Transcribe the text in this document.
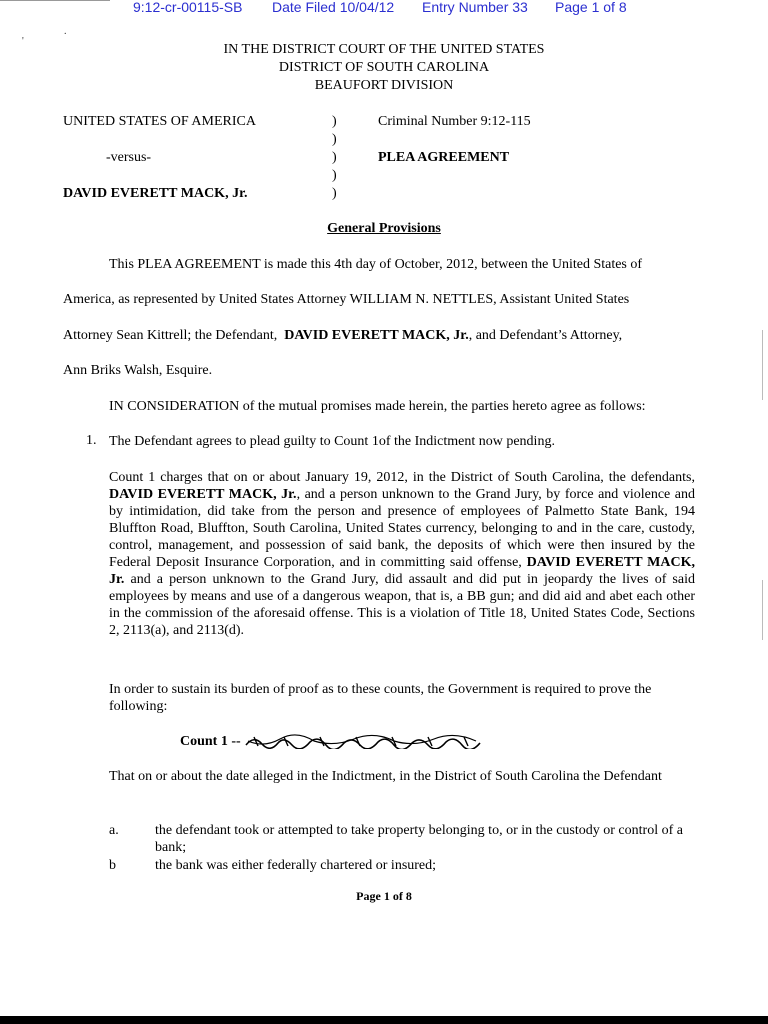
9:12-cr-00115-SB Date Filed 10/04/12 Entry Number 33 Page 1 of 8
'
.
IN THE DISTRICT COURT OF THE UNITED STATES
DISTRICT OF SOUTH CAROLINA
BEAUFORT DIVISION
UNITED STATES OF AMERICA
-versus-
DAVID EVERETT MACK, Jr.
)
)
)
)
)
Criminal Number 9:12-115
PLEA AGREEMENT
General Provisions
This PLEA AGREEMENT is made this 4th day of October, 2012, between the United States of
America, as represented by United States Attorney WILLIAM N. NETTLES, Assistant United States
Attorney Sean Kittrell; the Defendant, DAVID EVERETT MACK, Jr., and Defendant’s Attorney,
Ann Briks Walsh, Esquire.
IN CONSIDERATION of the mutual promises made herein, the parties hereto agree as follows:
1. The Defendant agrees to plead guilty to Count 1of the Indictment now pending.
Count 1 charges that on or about January 19, 2012, in the District of South Carolina, the defendants, DAVID EVERETT MACK, Jr., and a person unknown to the Grand Jury, by force and violence and by intimidation, did take from the person and presence of employees of Palmetto State Bank, 194 Bluffton Road, Bluffton, South Carolina, United States currency, belonging to and in the care, custody, control, management, and possession of said bank, the deposits of which were then insured by the Federal Deposit Insurance Corporation, and in committing said offense, DAVID EVERETT MACK, Jr. and a person unknown to the Grand Jury, did assault and did put in jeopardy the lives of said employees by means and use of a dangerous weapon, that is, a BB gun; and did aid and abet each other in the commission of the aforesaid offense. This is a violation of Title 18, United States Code, Sections 2, 2113(a), and 2113(d).
In order to sustain its burden of proof as to these counts, the Government is required to prove the following:
Count 1 --
That on or about the date alleged in the Indictment, in the District of South Carolina the Defendant
a.	the defendant took or attempted to take property belonging to, or in the custody or control of a bank;
b	the bank was either federally chartered or insured;
Page 1 of 8
